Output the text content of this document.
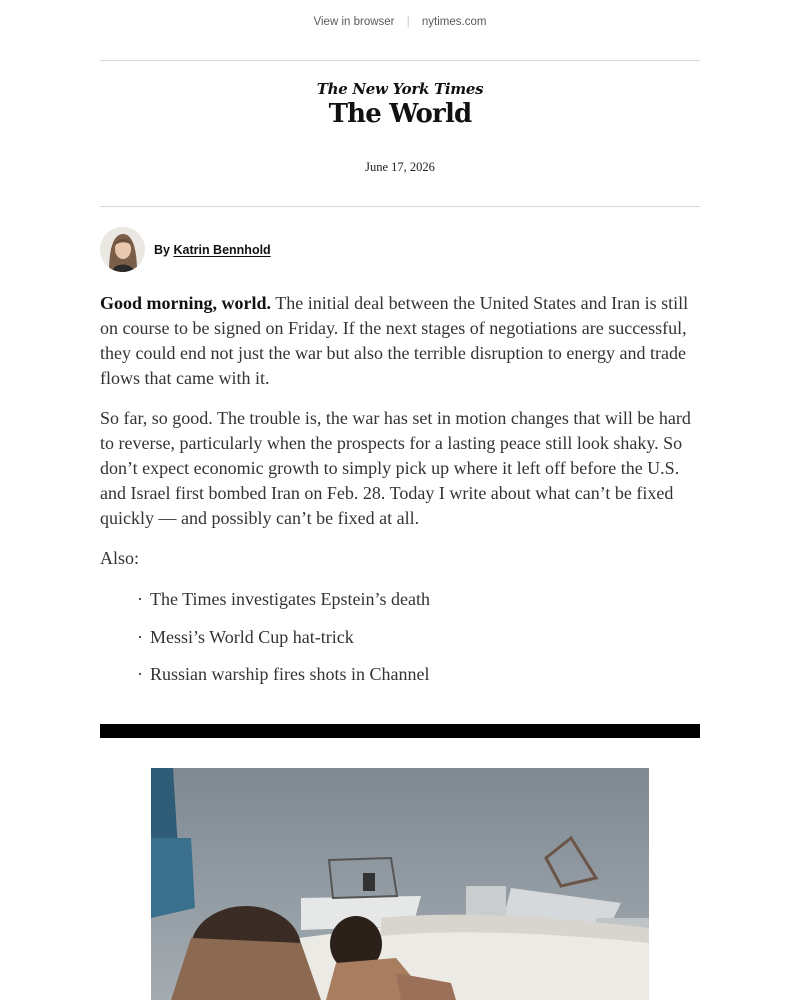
View in browser | nytimes.com
The New York Times
The World
June 17, 2026
By Katrin Bennhold

Good morning, world. The initial deal between the United States and Iran is still on course to be signed on Friday. If the next stages of negotiations are successful, they could end not just the war but also the terrible disruption to energy and trade flows that came with it.

So far, so good. The trouble is, the war has set in motion changes that will be hard to reverse, particularly when the prospects for a lasting peace still look shaky. So don’t expect economic growth to simply pick up where it left off before the U.S. and Israel first bombed Iran on Feb. 28. Today I write about what can’t be fixed quickly — and possibly can’t be fixed at all.

Also:

· The Times investigates Epstein’s death
· Messi’s World Cup hat-trick
· Russian warship fires shots in Channel
